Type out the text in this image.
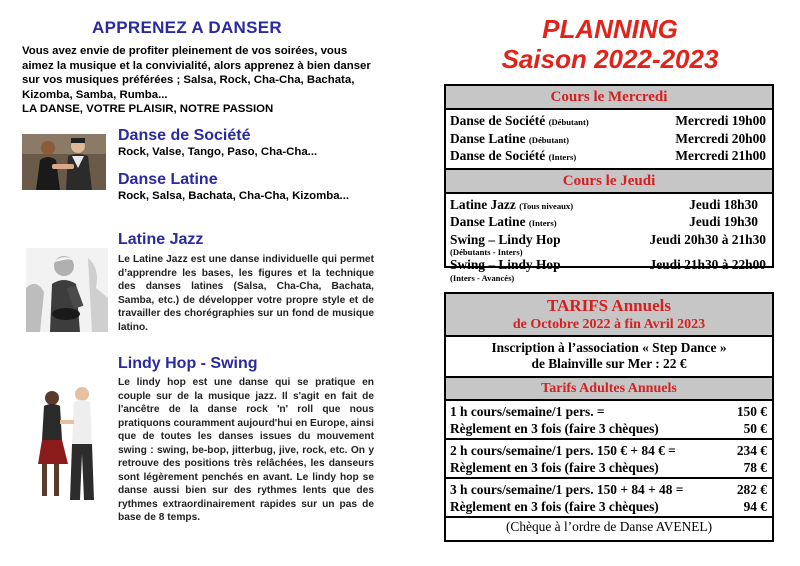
APPRENEZ A DANSER
Vous avez envie de profiter pleinement de vos soirées, vous aimez la musique et la convivialité, alors apprenez à bien danser sur vos musiques préférées ; Salsa, Rock, Cha-Cha, Bachata, Kizomba, Samba, Rumba...
LA DANSE, VOTRE PLAISIR, NOTRE PASSION
Danse de Société
Rock, Valse, Tango, Paso, Cha-Cha...
Danse Latine
Rock, Salsa, Bachata, Cha-Cha, Kizomba...
Latine Jazz
Le Latine Jazz est une danse individuelle qui permet d’apprendre les bases, les figures et la technique des danses latines (Salsa, Cha-Cha, Bachata, Samba, etc.) de développer votre propre style et de travailler des chorégraphies sur un fond de musique latino.
Lindy Hop - Swing
Le lindy hop est une danse qui se pratique en couple sur de la musique jazz. Il s'agit en fait de l'ancêtre de la danse rock 'n' roll que nous pratiquons couramment aujourd'hui en Europe, ainsi que de toutes les danses issues du mouvement swing : swing, be-bop, jitterbug, jive, rock, etc. On y retrouve des positions très relâchées, les danseurs sont légèrement penchés en avant. Le lindy hop se danse aussi bien sur des rythmes lents que des rythmes extraordinairement rapides sur un pas de base de 8 temps.
PLANNING
Saison 2022-2023
Cours le Mercredi
Danse de Société (Débutant)	Mercredi 19h00
Danse Latine (Débutant)	Mercredi 20h00
Danse de Société (Inters)	Mercredi 21h00
Cours le Jeudi
Latine Jazz (Tous niveaux)	Jeudi 18h30
Danse Latine (Inters)	Jeudi 19h30
Swing – Lindy Hop	Jeudi 20h30 à 21h30
(Débutants - Inters)
Swing – Lindy Hop	Jeudi 21h30 à 22h00
(Inters - Avancés)
TARIFS Annuels
de Octobre 2022 à fin Avril 2023
Inscription à l’association « Step Dance »
de Blainville sur Mer : 22 €
Tarifs Adultes Annuels
1 h cours/semaine/1 pers. =	150 €
Règlement en 3 fois (faire 3 chèques)	50 €
2 h cours/semaine/1 pers. 150 € + 84 € =	234 €
Règlement en 3 fois (faire 3 chèques)	78 €
3 h cours/semaine/1 pers. 150 + 84 + 48 =	282 €
Règlement en 3 fois (faire 3 chèques)	94 €
(Chèque à l’ordre de Danse AVENEL)
